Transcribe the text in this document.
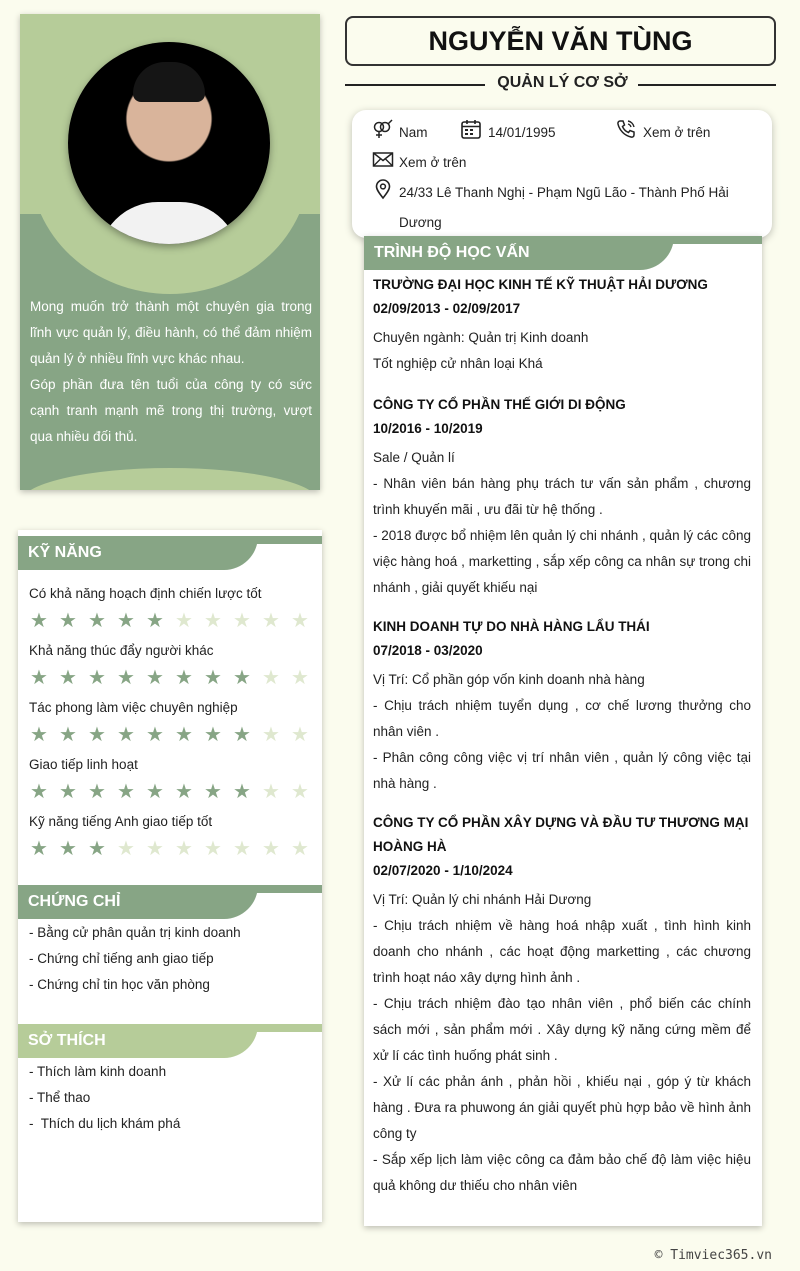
Mong muốn trở thành một chuyên gia trong lĩnh vực quản lý, điều hành, có thể đảm nhiệm quản lý ở nhiều lĩnh vực khác nhau.

Góp phần đưa tên tuổi của công ty có sức cạnh tranh mạnh mẽ trong thị trường, vượt qua nhiều đối thủ.

NGUYỄN VĂN TÙNG
QUẢN LÝ CƠ SỞ
Nam	14/01/1995	Xem ở trên
Xem ở trên
24/33 Lê Thanh Nghị - Phạm Ngũ Lão - Thành Phố Hải
Dương
KỸ NĂNG
Có khả năng hoạch định chiến lược tốt
★ ★ ★ ★ ★ ★ ★ ★ ★ ★
Khả năng thúc đẩy người khác
★ ★ ★ ★ ★ ★ ★ ★ ★ ★
Tác phong làm việc chuyên nghiệp
★ ★ ★ ★ ★ ★ ★ ★ ★ ★
Giao tiếp linh hoạt
★ ★ ★ ★ ★ ★ ★ ★ ★ ★
Kỹ năng tiếng Anh giao tiếp tốt
★ ★ ★ ★ ★ ★ ★ ★ ★ ★
CHỨNG CHỈ
- Bằng cử phân quản trị kinh doanh
- Chứng chỉ tiếng anh giao tiếp
- Chứng chỉ tin học văn phòng
SỞ THÍCH
- Thích làm kinh doanh
- Thể thao
-  Thích du lịch khám phá
TRÌNH ĐỘ HỌC VẤN
TRƯỜNG ĐẠI HỌC KINH TẾ KỸ THUẬT HẢI DƯƠNG
02/09/2013 - 02/09/2017
Chuyên ngành: Quản trị Kinh doanh
Tốt nghiệp cử nhân loại Khá
CÔNG TY CỔ PHẦN THẾ GIỚI DI ĐỘNG
10/2016 - 10/2019
Sale / Quản lí
- Nhân viên bán hàng phụ trách tư vấn sản phẩm , chương trình khuyến mãi , ưu đãi từ hệ thống .
- 2018 được bổ nhiệm lên quản lý chi nhánh , quản lý các công việc hàng hoá , marketting , sắp xếp công ca nhân sự trong chi nhánh , giải quyết khiếu nại
KINH DOANH TỰ DO NHÀ HÀNG LẨU THÁI
07/2018 - 03/2020
Vị Trí: Cổ phần góp vốn kinh doanh nhà hàng
- Chịu trách nhiệm tuyển dụng , cơ chế lương thưởng cho nhân viên .
- Phân công công việc vị trí nhân viên , quản lý công việc tại nhà hàng .
CÔNG TY CỔ PHẦN XÂY DỰNG VÀ ĐẦU TƯ THƯƠNG MẠI HOÀNG HÀ
02/07/2020 - 1/10/2024
Vị Trí: Quản lý chi nhánh Hải Dương
- Chịu trách nhiệm về hàng hoá nhập xuất , tình hình kinh doanh cho nhánh , các hoạt động marketting , các chương trình hoạt náo xây dựng hình ảnh .
- Chịu trách nhiệm đào tạo nhân viên , phổ biến các chính sách mới , sản phẩm mới . Xây dựng kỹ năng cứng mềm để xử lí các tình huống phát sinh .
- Xử lí các phản ánh , phản hồi , khiếu nại , góp ý từ khách hàng . Đưa ra phuwong án giải quyết phù hợp bảo về hình ảnh công ty
- Sắp xếp lịch làm việc công ca đảm bảo chế độ làm việc hiệu quả không dư thiếu cho nhân viên
© Timviec365.vn
